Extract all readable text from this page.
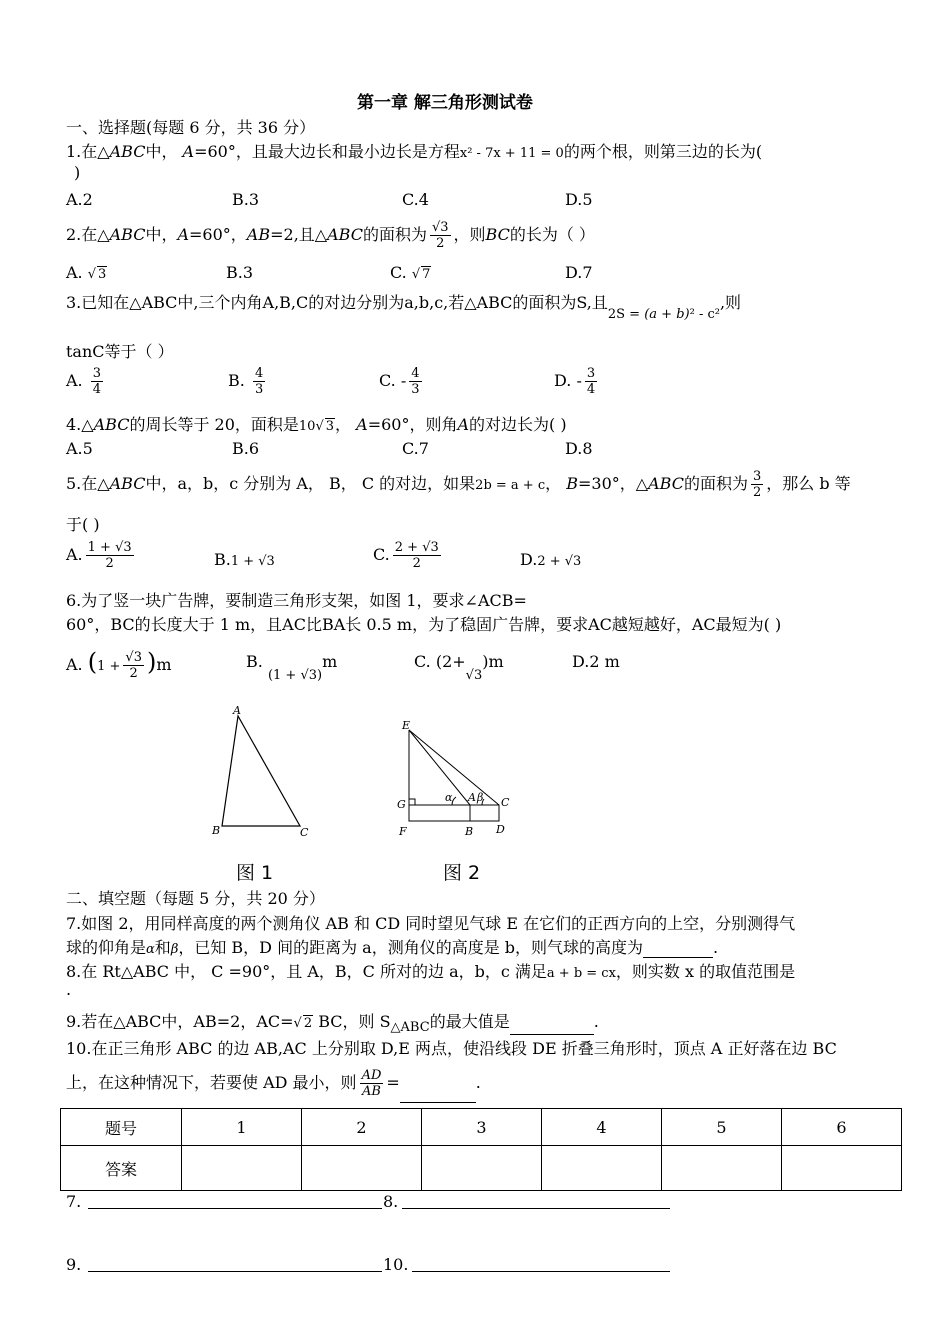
第一章 解三角形测试卷
一、选择题(每题 6 分，共 36 分）
1.在△ABC中， A=60°，且最大边长和最小边长是方程x² - 7x + 11 = 0的两个根，则第三边的长为(
)
A.2	B.3	C.4	D.5
2.在△ABC中，A=60°，AB=2,且△ABC的面积为 $\frac{√3}{2}$ ，则BC的长为（ ）
A. √ 3	B.3	C. √ 7	D.7
3.已知在△ABC中,三个内角A,B,C的对边分别为a,b,c,若△ABC的面积为S,且$_{2S = (a + b)^2 - c^2}$,则
tanC等于（ ）
A. $\frac{3}{4}$	B. $\frac{4}{3}$	C. - $\frac{4}{3}$	D. - $\frac{3}{4}$
4.△ABC的周长等于 20，面积是10√ 3， A=60°，则角A的对边长为( )
A.5	B.6	C.7	D.8
5.在△ABC中，a，b，c 分别为 A， B， C 的对边，如果2b = a + c， B=30°，△ABC的面积为 $\frac{3}{2}$ ，那么 b 等
于( )
A. $\frac{1 + √3}{2}$	B.1 + √3	C. $\frac{2 + √3}{2}$	D.2 + √3
6.为了竖一块广告牌，要制造三角形支架，如图 1，要求∠ACB=
60°，BC的长度大于 1 m，且AC比BA长 0.5 m，为了稳固广告牌，要求AC越短越好，AC最短为( )
A. $(1 + \frac{√3}{2} )m$	B. $_{(1 + √3)}$m	C. $(2+_{√3})m$	D.2 m
A
B	C
图 1
E
G
F	B D
C
A
α β
图 2
二、填空题（每题 5 分，共 20 分）
7.如图 2，用同样高度的两个测角仪 AB 和 CD 同时望见气球 E 在它们的正西方向的上空，分别测得气
球的仰角是α和β，已知 B，D 间的距离为 a，测角仪的高度是 b，则气球的高度为	.
8.在 Rt△ABC 中， C =90°，且 A，B，C 所对的边 a，b，c 满足a + b = cx，则实数 x 的取值范围是
.
9.若在△ABC中，AB=2，AC=√ 2 BC，则 $S_{\triangle ABC}$的最大值是	.
10.在正三角形 ABC 的边 AB,AC 上分别取 D,E 两点，使沿线段 DE 折叠三角形时，顶点 A 正好落在边 BC
上，在这种情况下，若要使 AD 最小，则 $\frac{AD}{AB}$ =	.
题号	1	2	3	4	5	6
答案						
7.	8.
9.	10.
